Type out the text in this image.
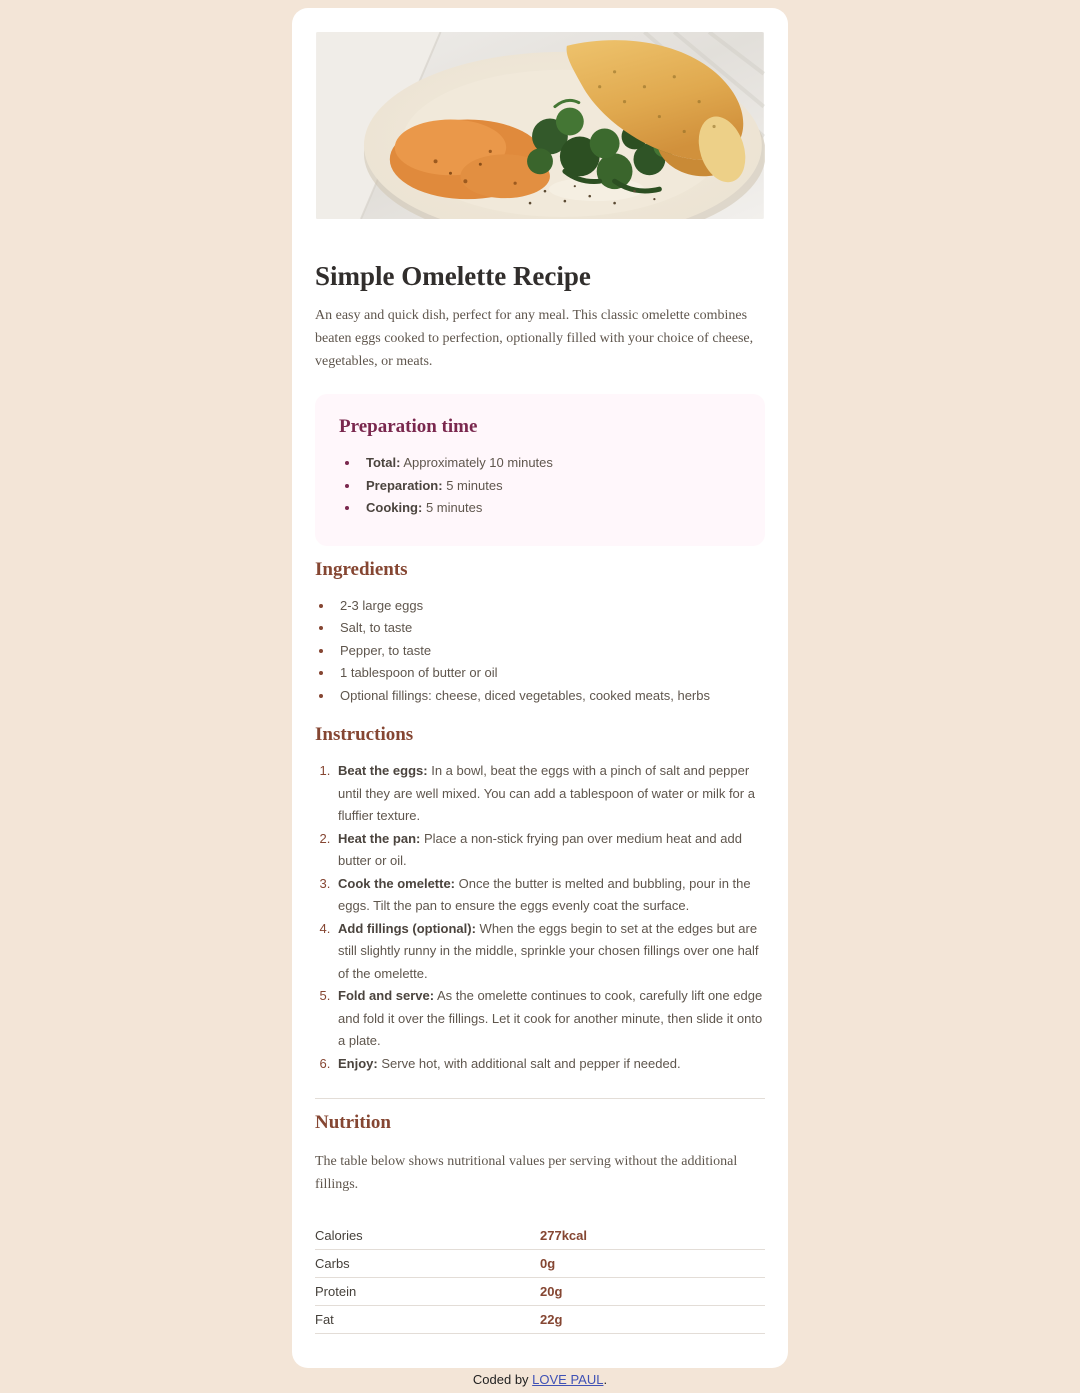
Simple Omelette Recipe

An easy and quick dish, perfect for any meal. This classic omelette combines beaten eggs cooked to perfection, optionally filled with your choice of cheese, vegetables, or meats.

Preparation time
• Total: Approximately 10 minutes
• Preparation: 5 minutes
• Cooking: 5 minutes
Ingredients
• 2-3 large eggs
• Salt, to taste
• Pepper, to taste
• 1 tablespoon of butter or oil
• Optional fillings: cheese, diced vegetables, cooked meats, herbs
Instructions
1. Beat the eggs: In a bowl, beat the eggs with a pinch of salt and pepper until they are well mixed. You can add a tablespoon of water or milk for a fluffier texture.
2. Heat the pan: Place a non-stick frying pan over medium heat and add butter or oil.
3. Cook the omelette: Once the butter is melted and bubbling, pour in the eggs. Tilt the pan to ensure the eggs evenly coat the surface.
4. Add fillings (optional): When the eggs begin to set at the edges but are still slightly runny in the middle, sprinkle your chosen fillings over one half of the omelette.
5. Fold and serve: As the omelette continues to cook, carefully lift one edge and fold it over the fillings. Let it cook for another minute, then slide it onto a plate.
6. Enjoy: Serve hot, with additional salt and pepper if needed.
Nutrition

The table below shows nutritional values per serving without the additional fillings.

Calories	277kcal
Carbs	0g
Protein	20g
Fat	22g
Coded by LOVE PAUL.
